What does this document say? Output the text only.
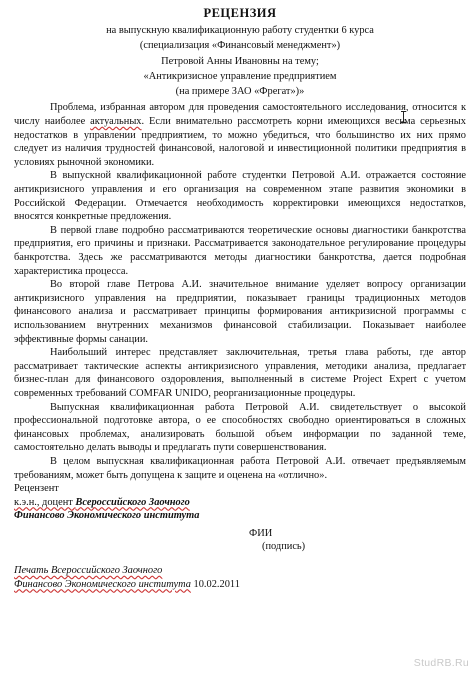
РЕЦЕНЗИЯ

на выпускную квалификационную работу студентки 6 курса

(специализация «Финансовый менеджмент»)

Петровой Анны Ивановны на тему;

«Антикризисное управление предприятием

(на примере ЗАО «Фрегат»)»

Проблема, избранная автором для проведения самостоятельного исследования, относится к числу наиболее актуальных. Если внимательно рассмотреть корни имеющихся весьма серьезных недостатков в управлении предприятием, то можно убедиться, что большинство их них прямо следует из наличия трудностей финансовой, налоговой и инвестиционной политики предприятия в условиях рыночной экономики.

В выпускной квалификационной работе студентки Петровой А.И. отражается состояние антикризисного управления и его организация на современном этапе развития экономики в Российской Федерации. Отмечается необходимость корректировки имеющихся недостатков, вносятся конкретные предложения.

В первой главе подробно рассматриваются теоретические основы диагностики банкротства предприятия, его причины и признаки. Рассматривается законодательное регулирование процедуры банкротства. Здесь же рассматриваются методы диагностики банкротства, дается подробная характеристика процесса.

Во второй главе Петрова А.И. значительное внимание уделяет вопросу организации антикризисного управления на предприятии, показывает границы традиционных методов финансового анализа и рассматривает принципы формирования антикризисной программы с использованием внутренних механизмов финансовой стабилизации. Показывает наиболее эффективные формы санации.

Наибольший интерес представляет заключительная, третья глава работы, где автор рассматривает тактические аспекты антикризисного управления, методики анализа, предлагает бизнес-план для финансового оздоровления, выполненный в системе Project Expert с учетом современных требований COMFAR UNIDO, реорганизационные процедуры.

Выпускная квалификационная работа Петровой А.И. свидетельствует о высокой профессиональной подготовке автора, о ее способностях свободно ориентироваться в сложных финансовых проблемах, анализировать большой объем информации по заданной теме, самостоятельно делать выводы и предлагать пути совершенствования.

В целом выпускная квалификационная работа Петровой А.И. отвечает предъявляемым требованиям, может быть допущена к защите и оценена на «отлично».

Рецензент

к.э.н., доцент Всероссийского Заочного

Финансово Экономического института

ФИИ

(подпись)

Печать Всероссийского Заочного

Финансово Экономического института 10.02.2011

StudRB.Ru
